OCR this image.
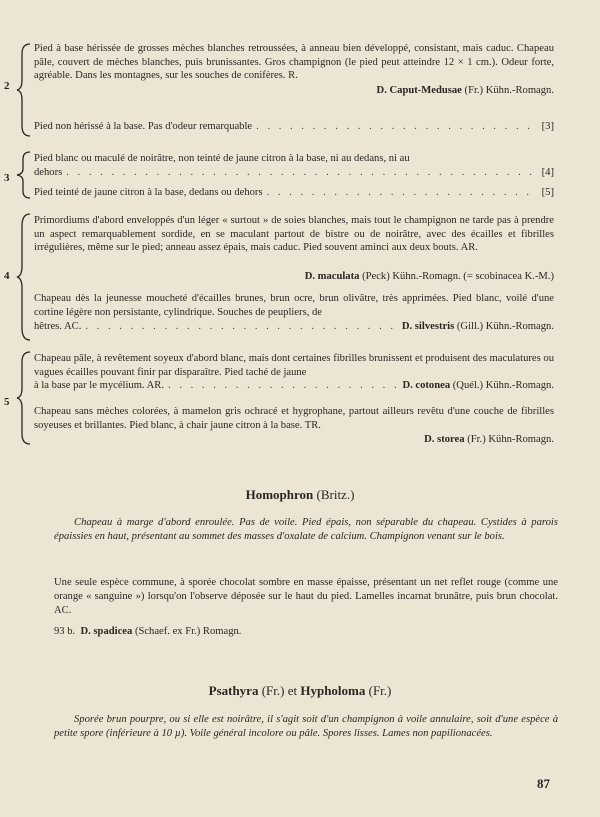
2
Pied à base hérissée de grosses mèches blanches retroussées, à anneau bien développé, consistant, mais caduc. Chapeau pâle, couvert de mèches blanches, puis brunissantes. Gros champignon (le pied peut atteindre 12 × 1 cm.). Odeur forte, agréable. Dans les montagnes, sur les souches de conifères. R.
D. Caput-Medusae
(Fr.) Kühn.-Romagn.
Pied non hérissé à la base. Pas d'odeur remarquable . . .	[3]
3
Pied blanc ou maculé de noirâtre, non teinté de jaune citron à la base, ni au dedans, ni au
dehors . . .	[4]
Pied teinté de jaune citron à la base, dedans ou dehors . . .	[5]
4
Primordiums d'abord enveloppés d'un léger « surtout » de soies blanches, mais tout le champignon ne tarde pas à prendre un aspect remarquablement sordide, en se maculant partout de bistre ou de noirâtre, avec des écailles et fibrilles irrégulières, même sur le pied; anneau assez épais, mais caduc. Pied souvent aminci aux deux bouts. AR.
D. maculata
(Peck) Kühn.-Romagn. (= scobinacea K.-M.)
Chapeau dès la jeunesse moucheté d'écailles brunes, brun ocre, brun olivâtre, très apprimées. Pied blanc, voilé d'une cortine légère non persistante, cylindrique. Souches de peupliers, de
hêtres. AC. . . .	D. silvestris
(Gill.) Kühn.-Romagn.
5
Chapeau pâle, à revêtement soyeux d'abord blanc, mais dont certaines fibrilles brunissent et produisent des maculatures ou vagues écailles pouvant finir par disparaître. Pied taché de jaune
à la base par le mycélium. AR. . . .	D. cotonea
(Quél.) Kühn.-Romagn.
Chapeau sans mèches colorées, à mamelon gris ochracé et hygrophane, partout ailleurs revêtu d'une couche de fibrilles soyeuses et brillantes. Pied blanc, à chair jaune citron à la base. TR.
D. storea
(Fr.) Kühn-Romagn.
Homophron (Britz.)
Chapeau à marge d'abord enroulée. Pas de voile. Pied épais, non séparable du chapeau. Cystides à parois épaissies en haut, présentant au sommet des masses d'oxalate de calcium. Champignon venant sur le bois.
Une seule espèce commune, à sporée chocolat sombre en masse épaisse, présentant un net reflet rouge (comme une orange « sanguine ») lorsqu'on l'observe déposée sur le haut du pied. Lamelles incarnat brunâtre, puis brun chocolat. AC.
93 b. D. spadicea (Schaef. ex Fr.) Romagn.
Psathyra (Fr.) et Hypholoma (Fr.)
Sporée brun pourpre, ou si elle est noirâtre, il s'agit soit d'un champignon à voile annulaire, soit d'une espèce à petite spore (inférieure à 10 µ). Voile général incolore ou pâle. Spores lisses. Lames non papilionacées.
87
